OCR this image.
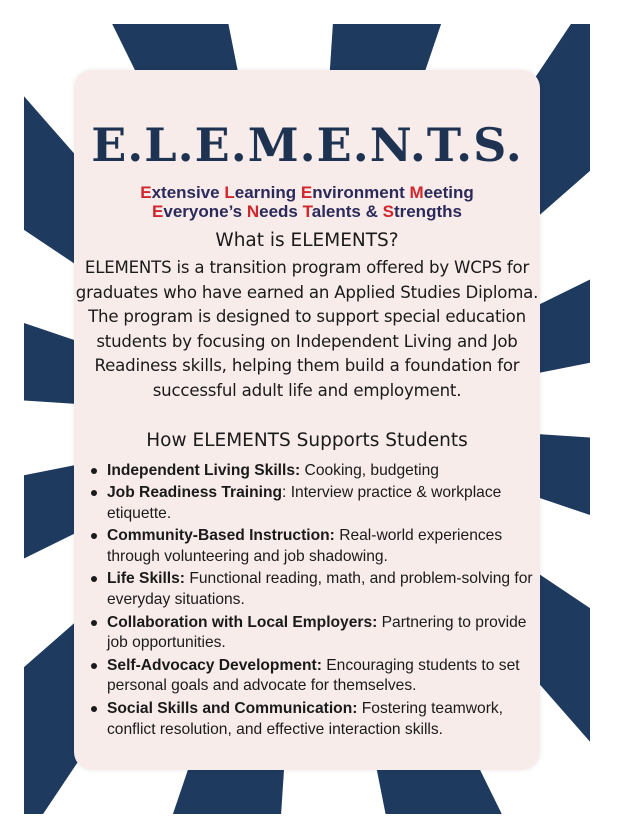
E.L.E.M.E.N.T.S.
Extensive Learning Environment Meeting
Everyone’s Needs Talents & Strengths
What is ELEMENTS?

ELEMENTS is a transition program offered by WCPS for graduates who have earned an Applied Studies Diploma. The program is designed to support special education students by focusing on Independent Living and Job Readiness skills, helping them build a foundation for successful adult life and employment.

How ELEMENTS Supports Students
Independent Living Skills: Cooking, budgeting
Job Readiness Training: Interview practice & workplace etiquette.
Community-Based Instruction: Real-world experiences through volunteering and job shadowing.
Life Skills: Functional reading, math, and problem-solving for everyday situations.
Collaboration with Local Employers: Partnering to provide job opportunities.
Self-Advocacy Development: Encouraging students to set personal goals and advocate for themselves.
Social Skills and Communication: Fostering teamwork, conflict resolution, and effective interaction skills.
